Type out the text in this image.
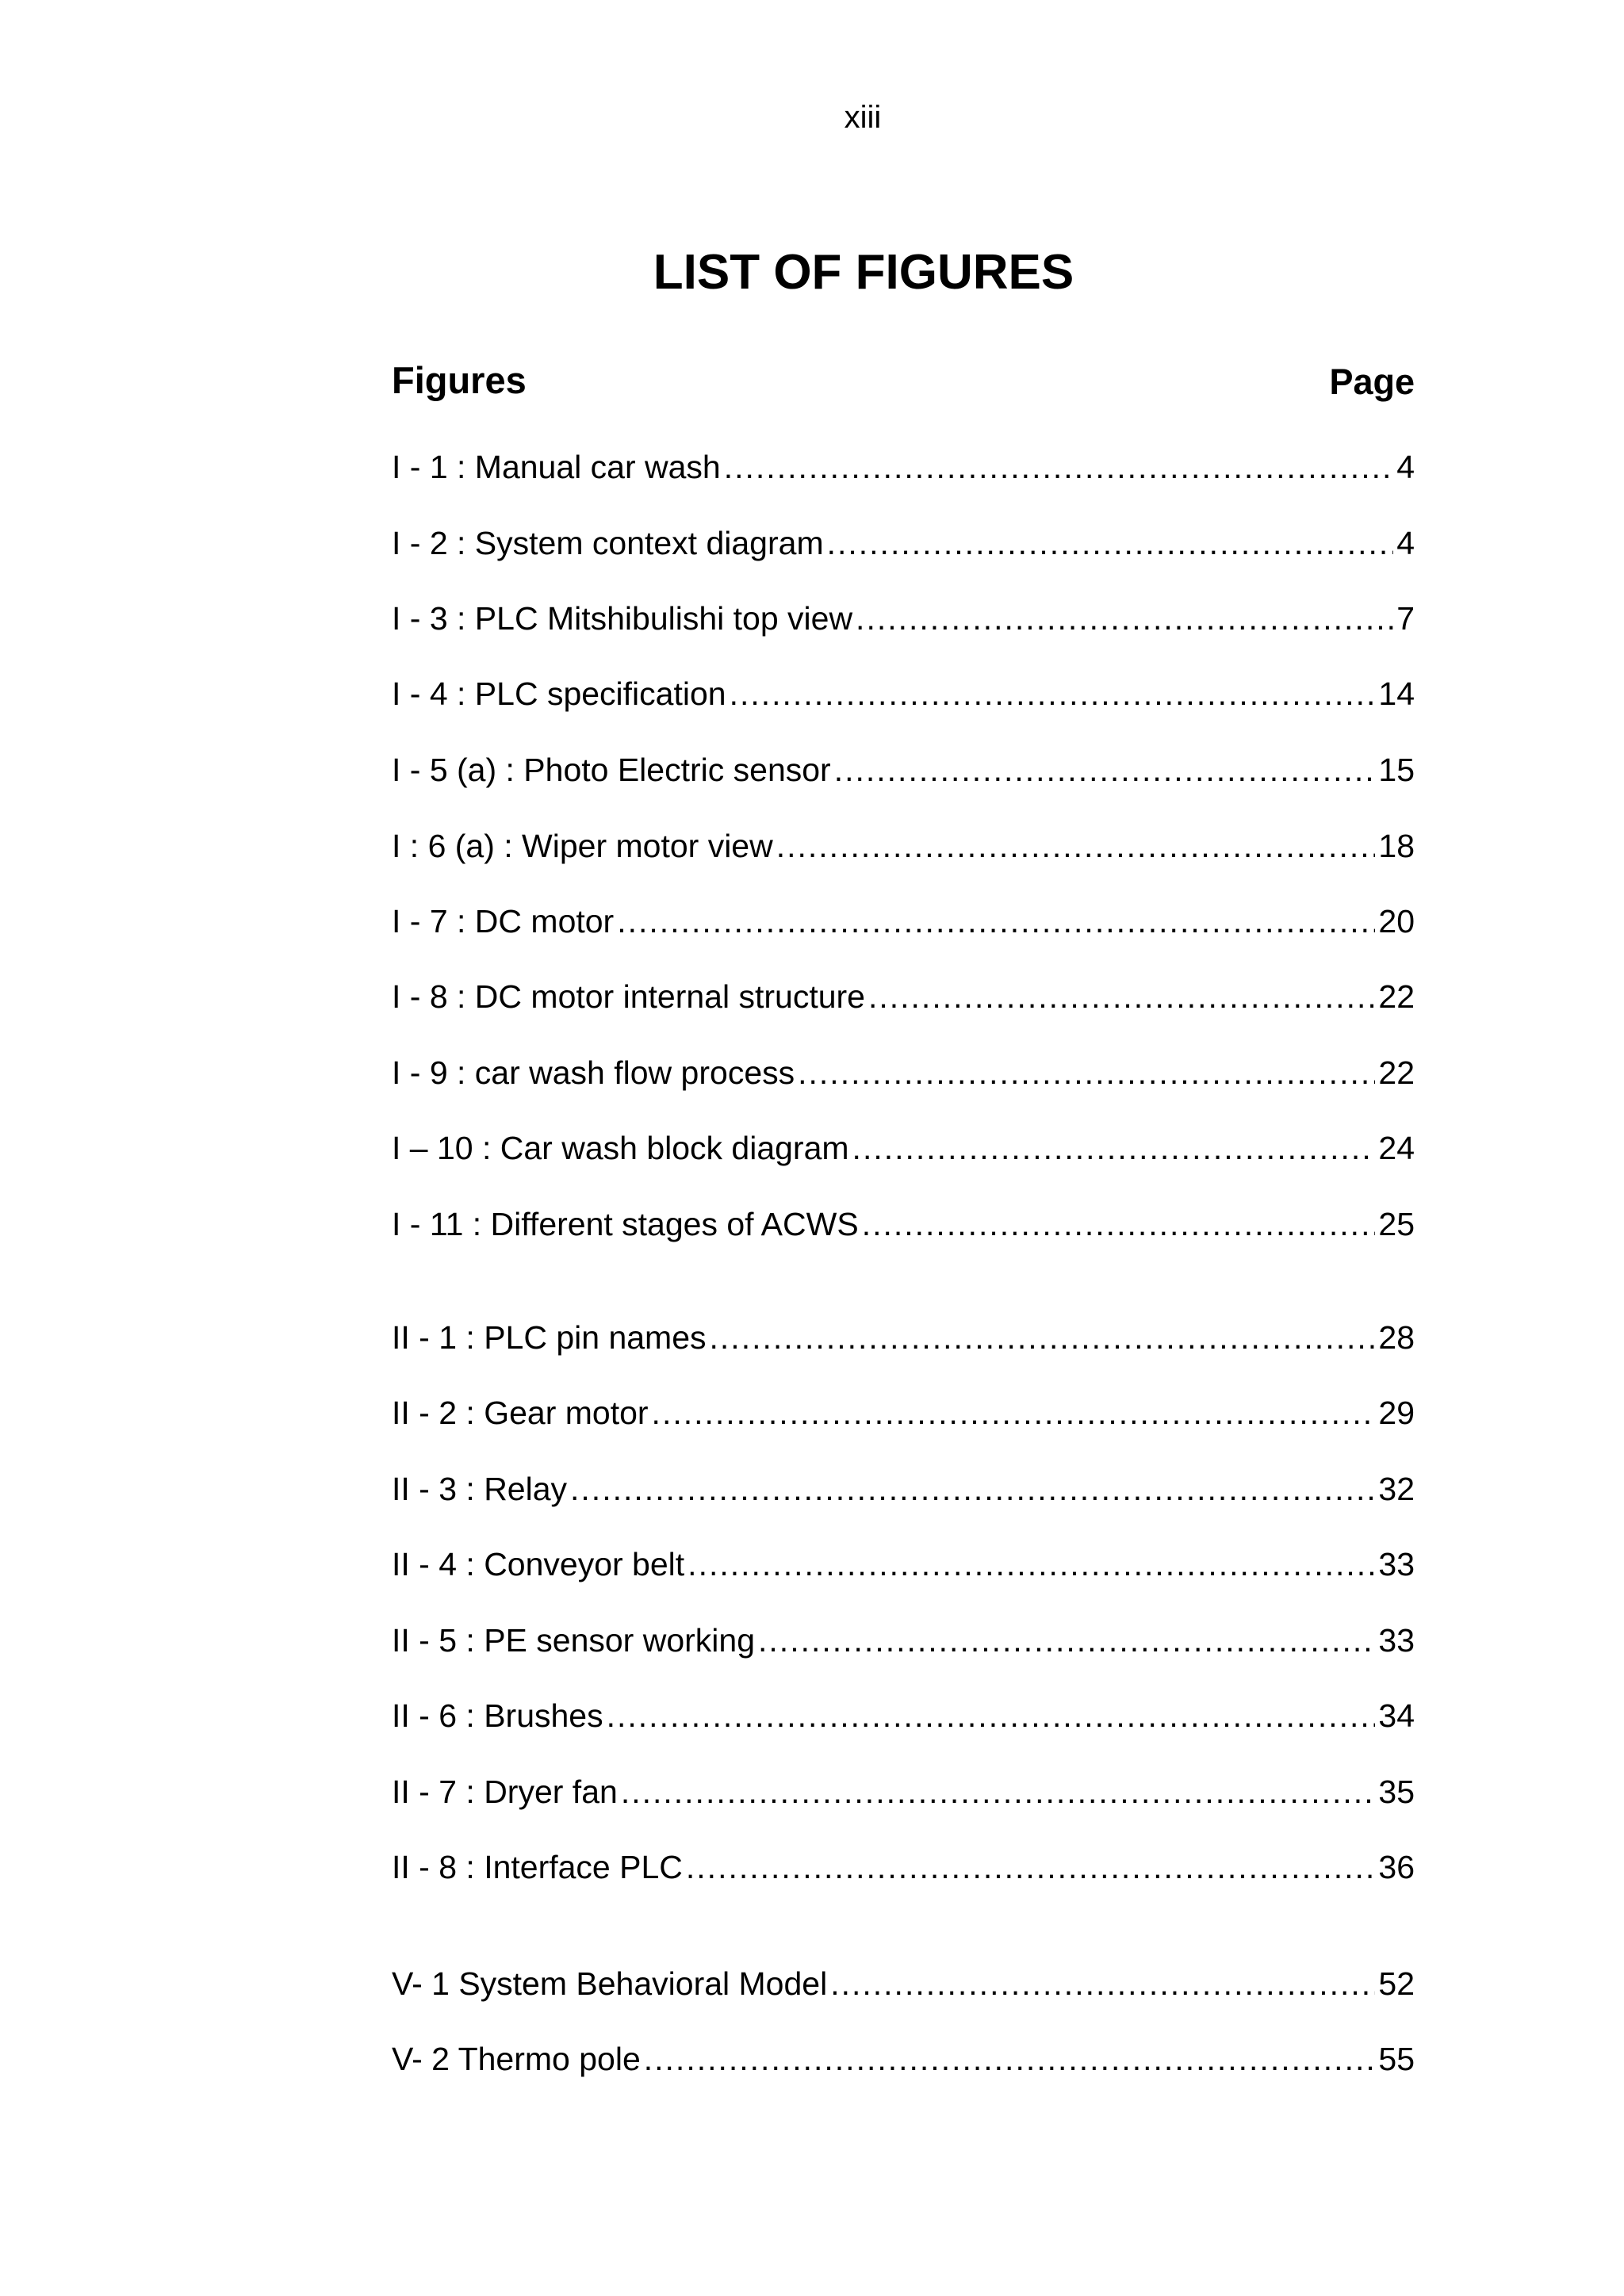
xiii
LIST OF FIGURES
Figures	Page
I - 1 : Manual car wash .....	4
I - 2 : System context diagram .....	4
I - 3 : PLC Mitshibulishi top view .....	7
I - 4 : PLC specification .....	14
I - 5 (a) : Photo Electric sensor .....	15
I : 6 (a) : Wiper motor view .....	18
I - 7 : DC motor .....	20
I - 8 : DC motor internal structure .....	22
I - 9 : car wash flow process .....	22
I – 10 : Car wash block diagram .....	24
I - 11 : Different stages of ACWS .....	25
II - 1 : PLC pin names .....	28
II - 2 : Gear motor .....	29
II - 3 : Relay .....	32
II - 4 : Conveyor belt .....	33
II - 5 : PE sensor working .....	33
II - 6 : Brushes .....	34
II - 7 : Dryer fan .....	35
II - 8 : Interface PLC .....	36
V- 1 System Behavioral Model .....	52
V- 2 Thermo pole .....	55
